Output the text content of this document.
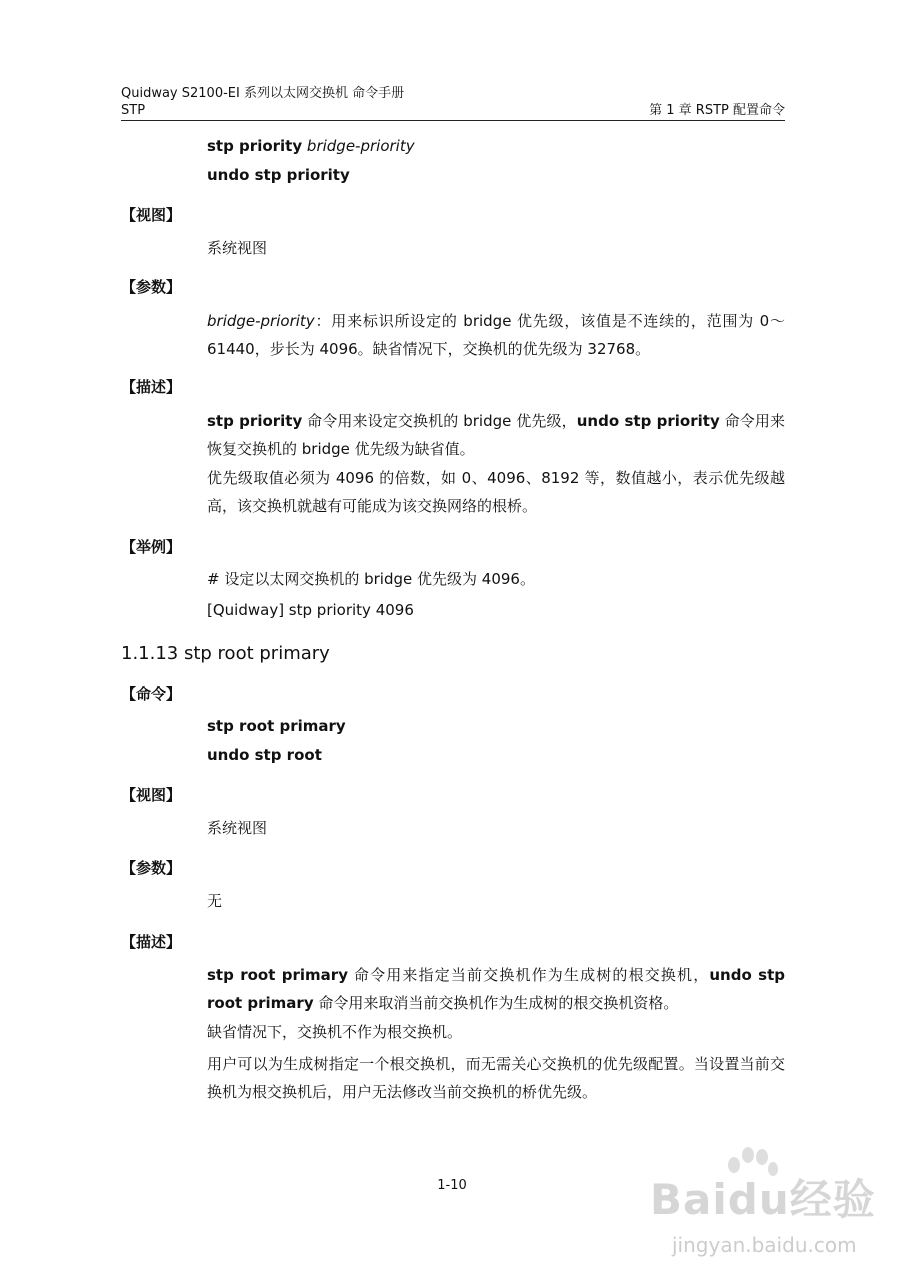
Quidway S2100-EI 系列以太网交换机 命令手册
STP	第 1 章 RSTP 配置命令
stp priority bridge-priority
undo stp priority
【视图】
系统视图
【参数】
bridge-priority：用来标识所设定的 bridge 优先级，该值是不连续的，范围为 0～61440，步长为 4096。缺省情况下，交换机的优先级为 32768。
【描述】
stp priority 命令用来设定交换机的 bridge 优先级，undo stp priority 命令用来恢复交换机的 bridge 优先级为缺省值。
优先级取值必须为 4096 的倍数，如 0、4096、8192 等，数值越小，表示优先级越高，该交换机就越有可能成为该交换网络的根桥。
【举例】
# 设定以太网交换机的 bridge 优先级为 4096。
[Quidway] stp priority 4096
1.1.13 stp root primary
【命令】
stp root primary
undo stp root
【视图】
系统视图
【参数】
无
【描述】
stp root primary 命令用来指定当前交换机作为生成树的根交换机，undo stp root primary 命令用来取消当前交换机作为生成树的根交换机资格。
缺省情况下，交换机不作为根交换机。
用户可以为生成树指定一个根交换机，而无需关心交换机的优先级配置。当设置当前交换机为根交换机后，用户无法修改当前交换机的桥优先级。
1-10	Baidu经验
jingyan.baidu.com
